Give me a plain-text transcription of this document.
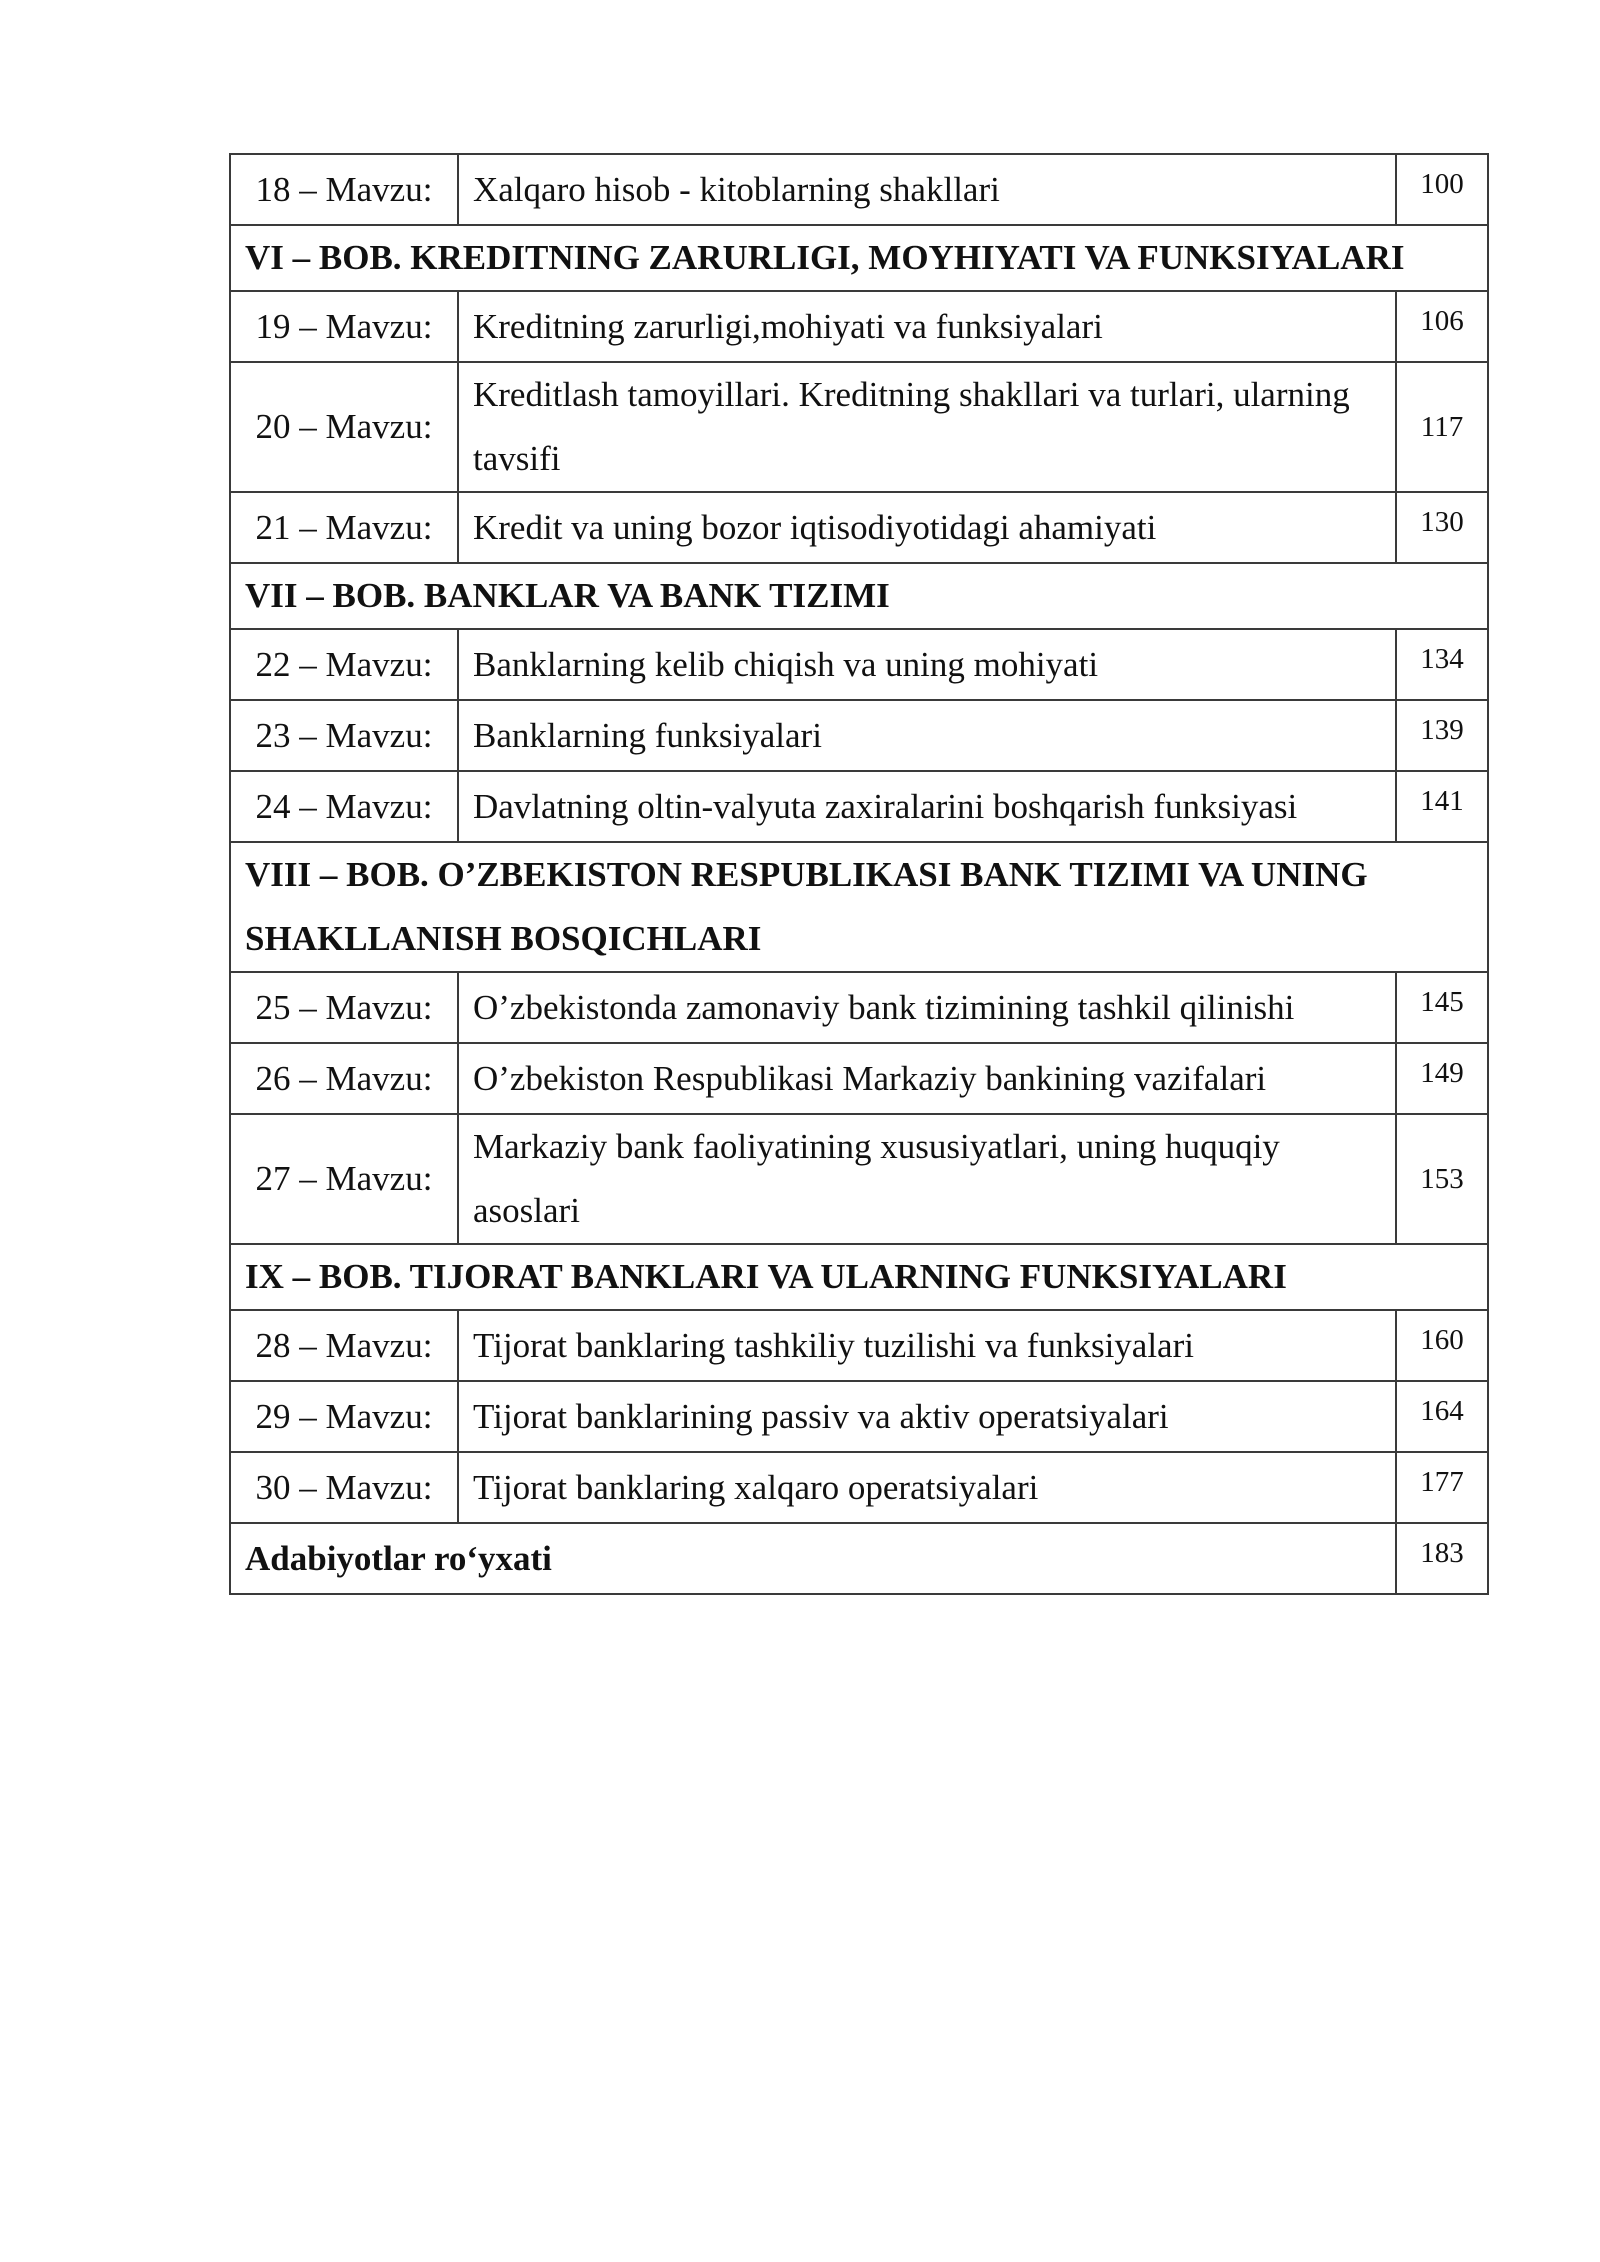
18 – Mavzu:	Xalqaro hisob - kitoblarning shakllari	100
VI – BOB. KREDITNING ZARURLIGI, MOYHIYATI VA FUNKSIYALARI		
19 – Mavzu:	Kreditning zarurligi,mohiyati va funksiyalari	106
20 – Mavzu:	Kreditlash tamoyillari. Kreditning shakllari va turlari, ularning tavsifi	117
21 – Mavzu:	Kredit va uning bozor iqtisodiyotidagi ahamiyati	130
VII – BOB. BANKLAR VA BANK TIZIMI		
22 – Mavzu:	Banklarning kelib chiqish va uning mohiyati	134
23 – Mavzu:	Banklarning funksiyalari	139
24 – Mavzu:	Davlatning oltin-valyuta zaxiralarini boshqarish funksiyasi	141
VIII – BOB. O’ZBEKISTON RESPUBLIKASI BANK TIZIMI VA UNING SHAKLLANISH BOSQICHLARI		
25 – Mavzu:	O’zbekistonda zamonaviy bank tizimining tashkil qilinishi	145
26 – Mavzu:	O’zbekiston Respublikasi Markaziy bankining vazifalari	149
27 – Mavzu:	Markaziy bank faoliyatining xususiyatlari, uning huquqiy asoslari	153
IX – BOB. TIJORAT BANKLARI VA ULARNING FUNKSIYALARI		
28 – Mavzu:	Tijorat banklaring tashkiliy tuzilishi va funksiyalari	160
29 – Mavzu:	Tijorat banklarining passiv va aktiv operatsiyalari	164
30 – Mavzu:	Tijorat banklaring xalqaro operatsiyalari	177
Adabiyotlar ro‘yxati		183
